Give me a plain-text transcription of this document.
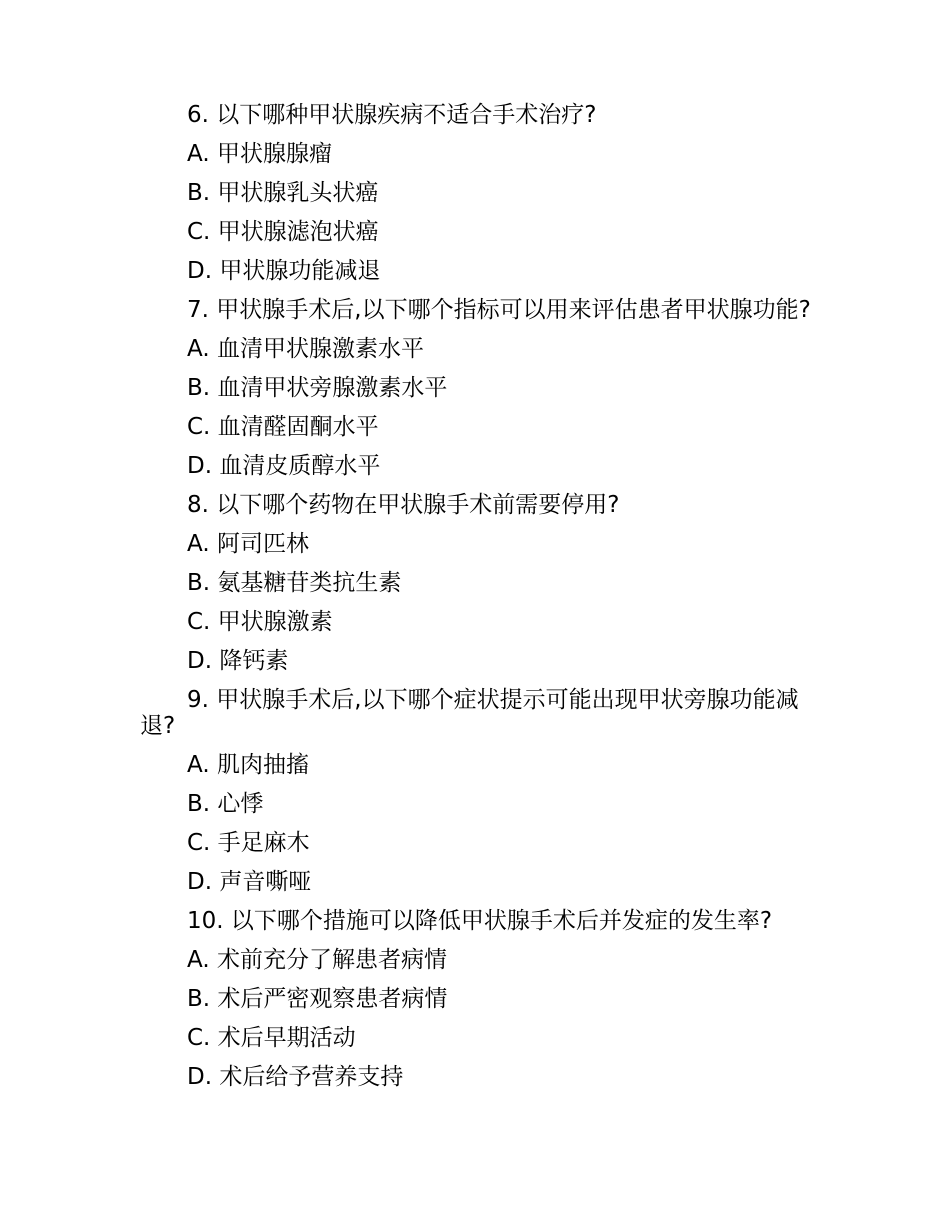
6. 以下哪种甲状腺疾病不适合手术治疗?
A. 甲状腺腺瘤
B. 甲状腺乳头状癌
C. 甲状腺滤泡状癌
D. 甲状腺功能减退
7. 甲状腺手术后,以下哪个指标可以用来评估患者甲状腺功能?
A. 血清甲状腺激素水平
B. 血清甲状旁腺激素水平
C. 血清醛固酮水平
D. 血清皮质醇水平
8. 以下哪个药物在甲状腺手术前需要停用?
A. 阿司匹林
B. 氨基糖苷类抗生素
C. 甲状腺激素
D. 降钙素
9. 甲状腺手术后,以下哪个症状提示可能出现甲状旁腺功能减退?
A. 肌肉抽搐
B. 心悸
C. 手足麻木
D. 声音嘶哑
10. 以下哪个措施可以降低甲状腺手术后并发症的发生率?
A. 术前充分了解患者病情
B. 术后严密观察患者病情
C. 术后早期活动
D. 术后给予营养支持
